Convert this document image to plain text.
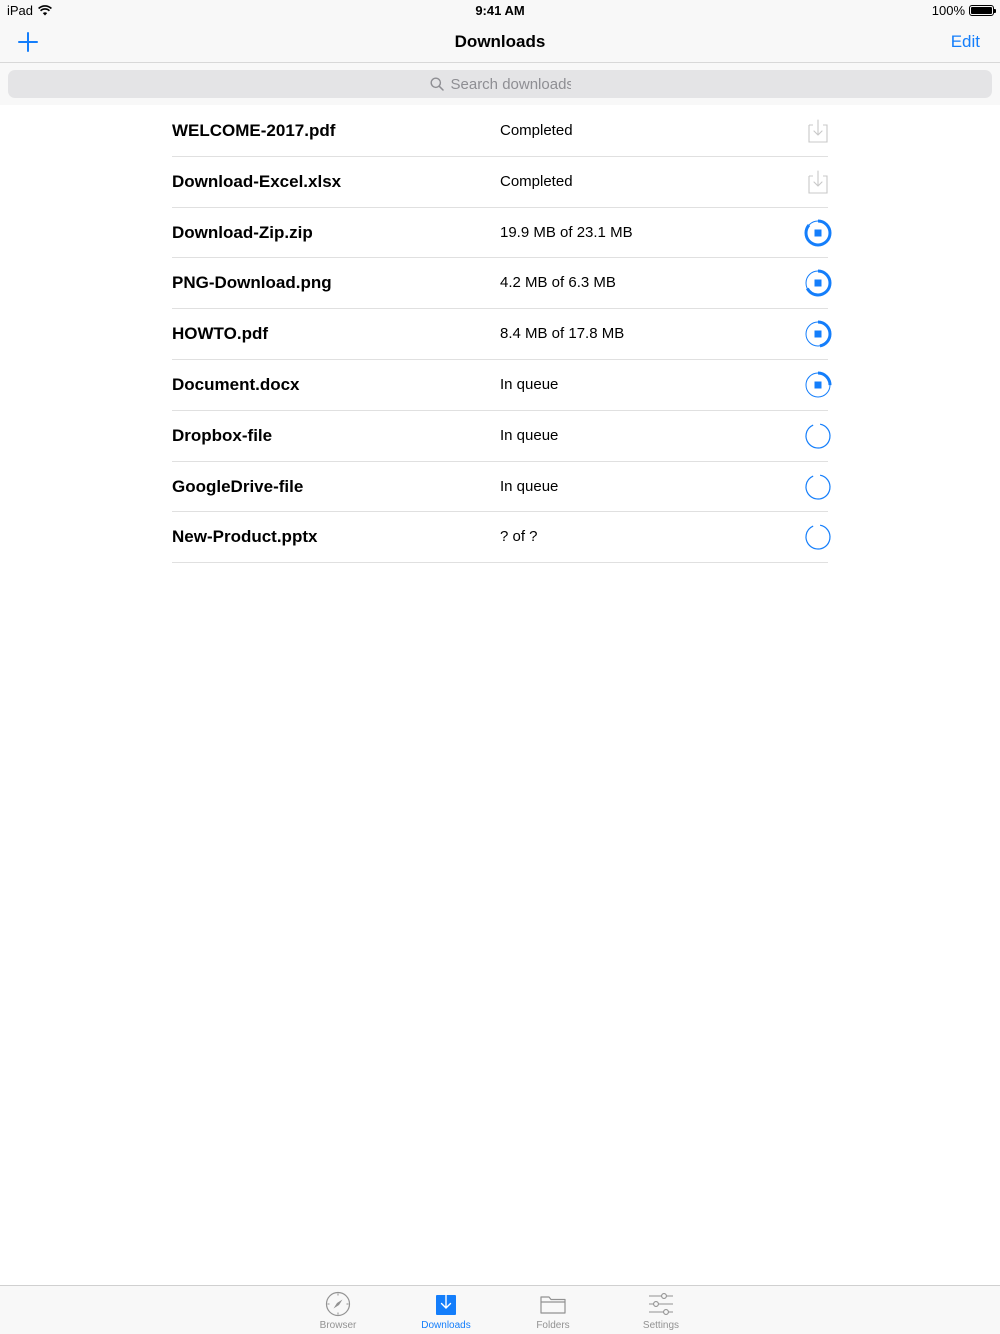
iPad	9:41 AM	100%
Downloads	Edit
Search downloads
WELCOME-2017.pdf	Completed
Download-Excel.xlsx	Completed
Download-Zip.zip	19.9 MB of 23.1 MB
PNG-Download.png	4.2 MB of 6.3 MB
HOWTO.pdf	8.4 MB of 17.8 MB
Document.docx	In queue
Dropbox-file	In queue
GoogleDrive-file	In queue
New-Product.pptx	? of ?
Browser	Downloads	Folders	Settings
